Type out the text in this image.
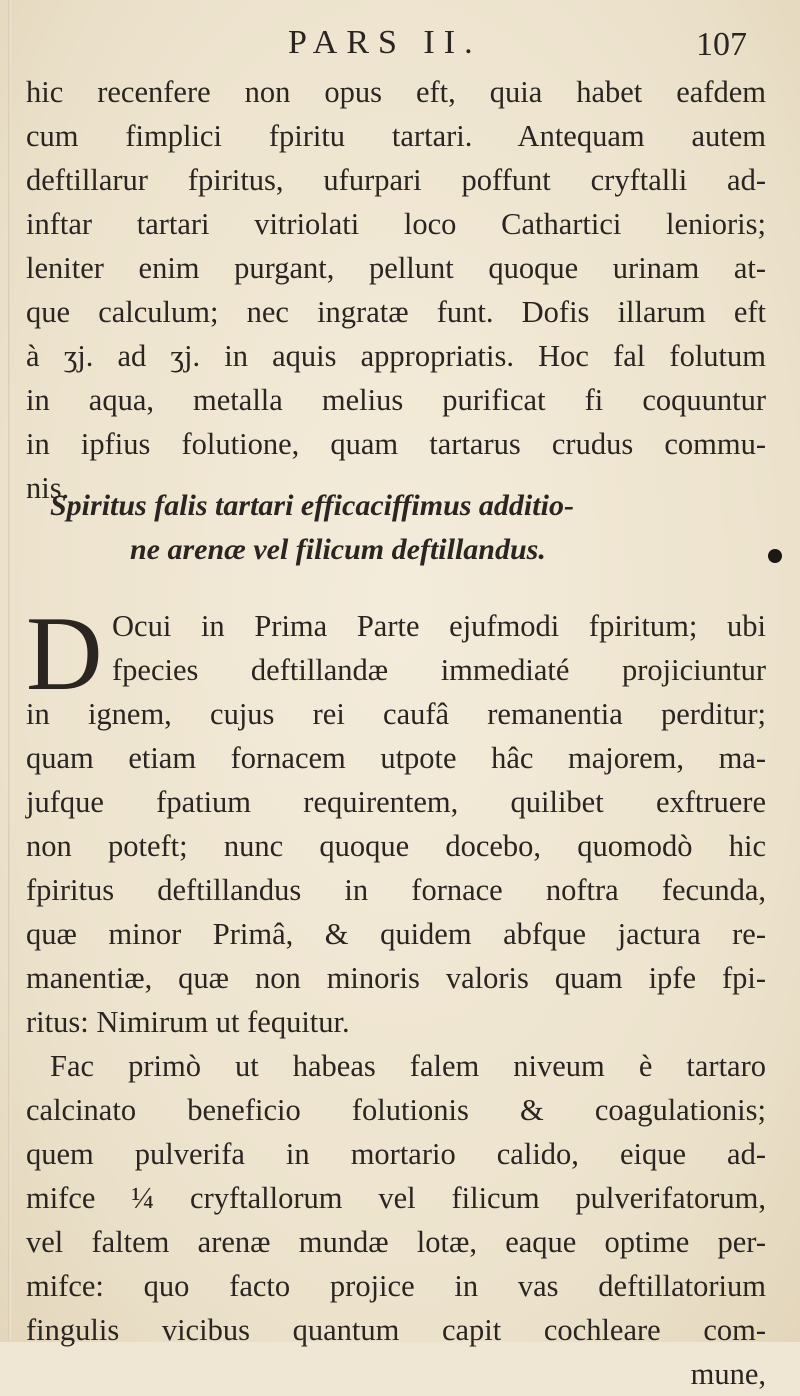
PARS II.	107
hic recenfere non opus eft, quia habet eafdem
cum fimplici fpiritu tartari. Antequam autem
deftillarur fpiritus, ufurpari poffunt cryftalli ad-
inftar tartari vitriolati loco Cathartici lenioris;
leniter enim purgant, pellunt quoque urinam at-
que calculum; nec ingratæ funt. Dofis illarum eft
à ʒj. ad ʒj. in aquis appropriatis. Hoc fal folutum
in aqua, metalla melius purificat fi coquuntur
in ipfius folutione, quam tartarus crudus commu-
nis.
Spiritus falis tartari efficaciffimus additio-
ne arenæ vel filicum deftillandus.
D Ocui in Prima Parte ejufmodi fpiritum; ubi
fpecies deftillandæ immediaté projiciuntur
in ignem, cujus rei caufâ remanentia perditur;
quam etiam fornacem utpote hâc majorem, ma-
jufque fpatium requirentem, quilibet exftruere
non poteft; nunc quoque docebo, quomodò hic
fpiritus deftillandus in fornace noftra fecunda,
quæ minor Primâ, & quidem abfque jactura re-
manentiæ, quæ non minoris valoris quam ipfe fpi-
ritus: Nimirum ut fequitur.
Fac primò ut habeas falem niveum è tartaro
calcinato beneficio folutionis & coagulationis;
quem pulverifa in mortario calido, eique ad-
mifce ¼ cryftallorum vel filicum pulverifatorum,
vel faltem arenæ mundæ lotæ, eaque optime per-
mifce: quo facto projice in vas deftillatorium
fingulis vicibus quantum capit cochleare com-
mune,
